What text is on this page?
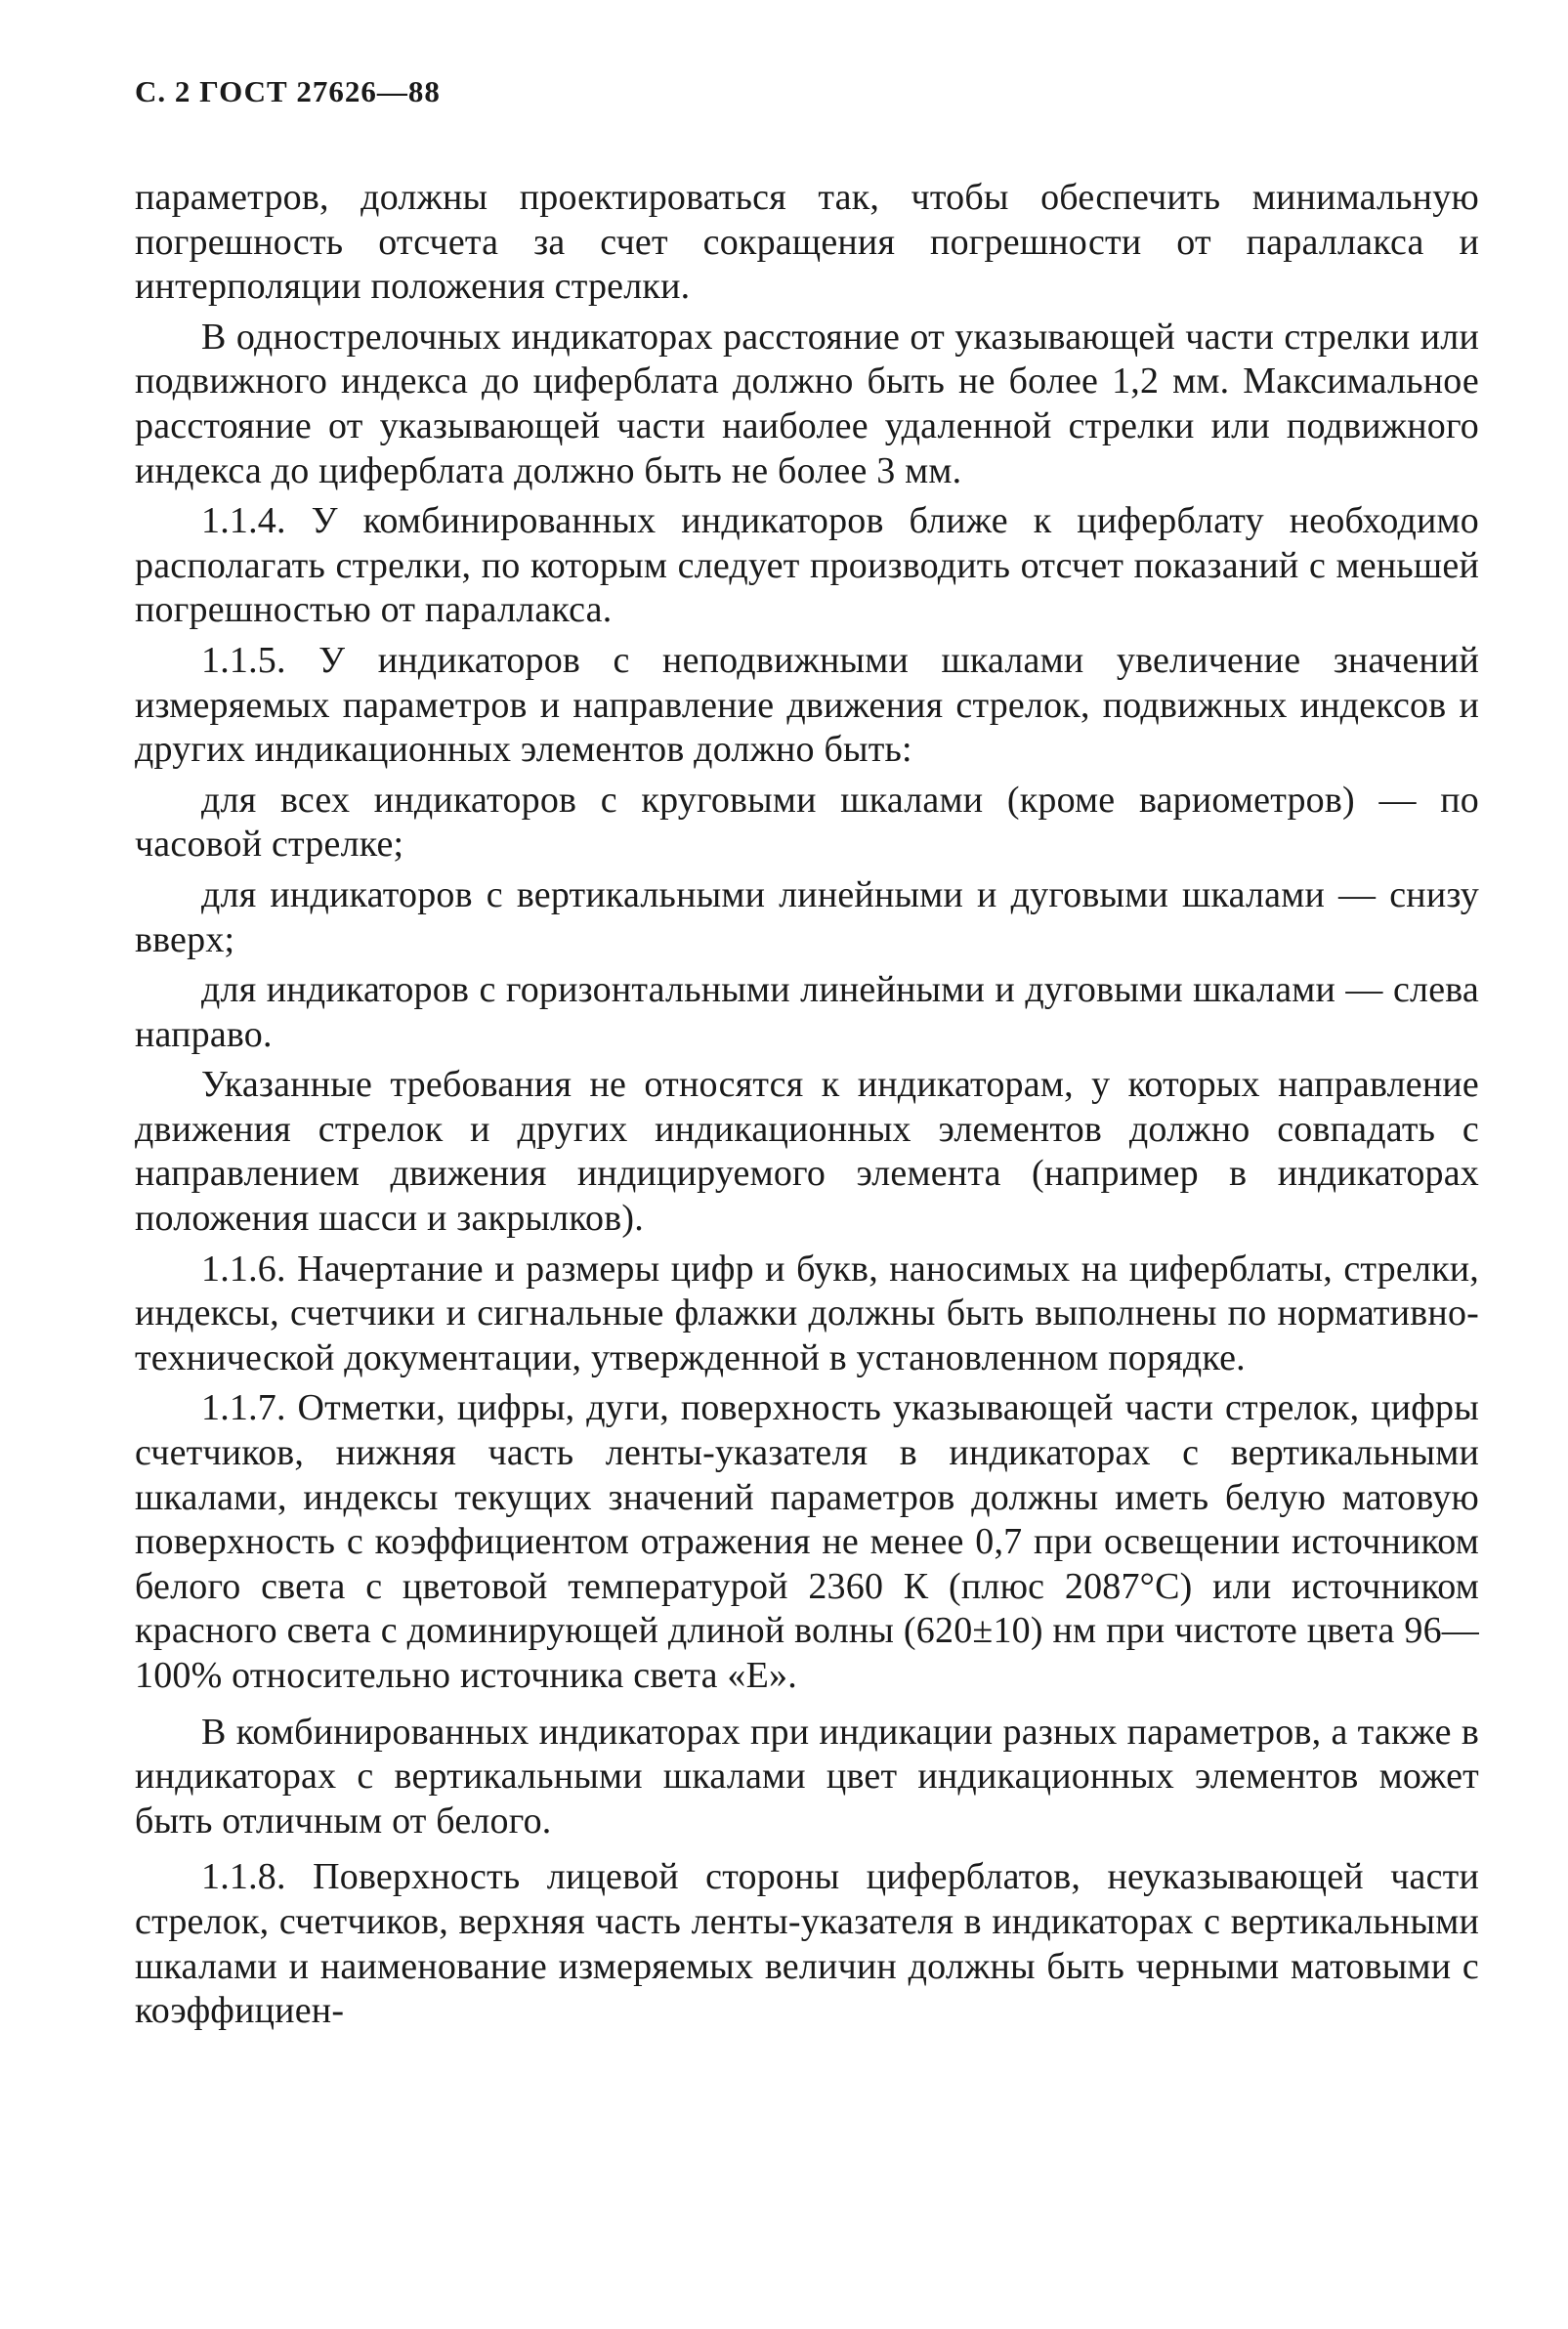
С. 2 ГОСТ 27626—88

параметров, должны проектироваться так, чтобы обеспечить минимальную погрешность отсчета за счет сокращения погрешности от параллакса и интерполяции положения стрелки.

В однострелочных индикаторах расстояние от указывающей части стрелки или подвижного индекса до циферблата должно быть не более 1,2 мм. Максимальное расстояние от указывающей части наиболее удаленной стрелки или подвижного индекса до циферблата должно быть не более 3 мм.

1.1.4. У комбинированных индикаторов ближе к циферблату необходимо располагать стрелки, по которым следует производить отсчет показаний с меньшей погрешностью от параллакса.

1.1.5. У индикаторов с неподвижными шкалами увеличение значений измеряемых параметров и направление движения стрелок, подвижных индексов и других индикационных элементов должно быть:

для всех индикаторов с круговыми шкалами (кроме вариометров) — по часовой стрелке;

для индикаторов с вертикальными линейными и дуговыми шкалами — снизу вверх;

для индикаторов с горизонтальными линейными и дуговыми шкалами — слева направо.

Указанные требования не относятся к индикаторам, у которых направление движения стрелок и других индикационных элементов должно совпадать с направлением движения индицируемого элемента (например в индикаторах положения шасси и закрылков).

1.1.6. Начертание и размеры цифр и букв, наносимых на циферблаты, стрелки, индексы, счетчики и сигнальные флажки должны быть выполнены по нормативно-технической документации, утвержденной в установленном порядке.

1.1.7. Отметки, цифры, дуги, поверхность указывающей части стрелок, цифры счетчиков, нижняя часть ленты-указателя в индикаторах с вертикальными шкалами, индексы текущих значений параметров должны иметь белую матовую поверхность с коэффициентом отражения не менее 0,7 при освещении источником белого света с цветовой температурой 2360 К (плюс 2087°С) или источником красного света с доминирующей длиной волны (620±10) нм при чистоте цвета 96—100% относительно источника света «Е».

В комбинированных индикаторах при индикации разных параметров, а также в индикаторах с вертикальными шкалами цвет индикационных элементов может быть отличным от белого.

1.1.8. Поверхность лицевой стороны циферблатов, неуказывающей части стрелок, счетчиков, верхняя часть ленты-указателя в индикаторах с вертикальными шкалами и наименование измеряемых величин должны быть черными матовыми с коэффициен-
